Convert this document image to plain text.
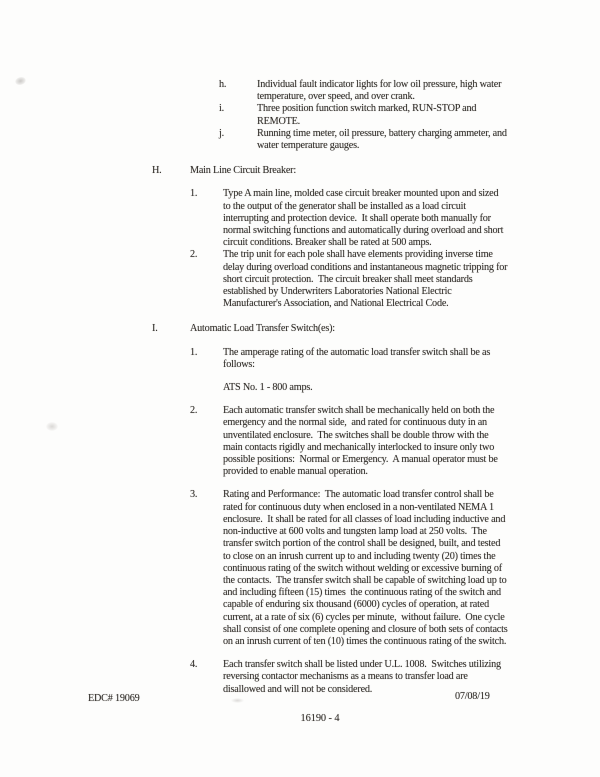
h.	Individual fault indicator lights for low oil pressure, high water
temperature, over speed, and over crank.
i.	Three position function switch marked, RUN-STOP and
REMOTE.
j.	Running time meter, oil pressure, battery charging ammeter, and
water temperature gauges.
H.	Main Line Circuit Breaker:
1.	Type A main line, molded case circuit breaker mounted upon and sized
to the output of the generator shall be installed as a load circuit
interrupting and protection device.  It shall operate both manually for
normal switching functions and automatically during overload and short
circuit conditions. Breaker shall be rated at 500 amps.
2.	The trip unit for each pole shall have elements providing inverse time
delay during overload conditions and instantaneous magnetic tripping for
short circuit protection.  The circuit breaker shall meet standards
established by Underwriters Laboratories National Electric
Manufacturer's Association, and National Electrical Code.
I.	Automatic Load Transfer Switch(es):
1.	The amperage rating of the automatic load transfer switch shall be as
follows:
ATS No. 1 - 800 amps.
2.	Each automatic transfer switch shall be mechanically held on both the
emergency and the normal side,  and rated for continuous duty in an
unventilated enclosure.  The switches shall be double throw with the
main contacts rigidly and mechanically interlocked to insure only two
possible positions:  Normal or Emergency.  A manual operator must be
provided to enable manual operation.
3.	Rating and Performance:  The automatic load transfer control shall be
rated for continuous duty when enclosed in a non-ventilated NEMA 1
enclosure.  It shall be rated for all classes of load including inductive and
non-inductive at 600 volts and tungsten lamp load at 250 volts.  The
transfer switch portion of the control shall be designed, built, and tested
to close on an inrush current up to and including twenty (20) times the
continuous rating of the switch without welding or excessive burning of
the contacts.  The transfer switch shall be capable of switching load up to
and including fifteen (15) times  the continuous rating of the switch and
capable of enduring six thousand (6000) cycles of operation, at rated
current, at a rate of six (6) cycles per minute,  without failure.  One cycle
shall consist of one complete opening and closure of both sets of contacts
on an inrush current of ten (10) times the continuous rating of the switch.
4.	Each transfer switch shall be listed under U.L. 1008.  Switches utilizing
reversing contactor mechanisms as a means to transfer load are
disallowed and will not be considered.
EDC# 19069	07/08/19
16190 - 4
